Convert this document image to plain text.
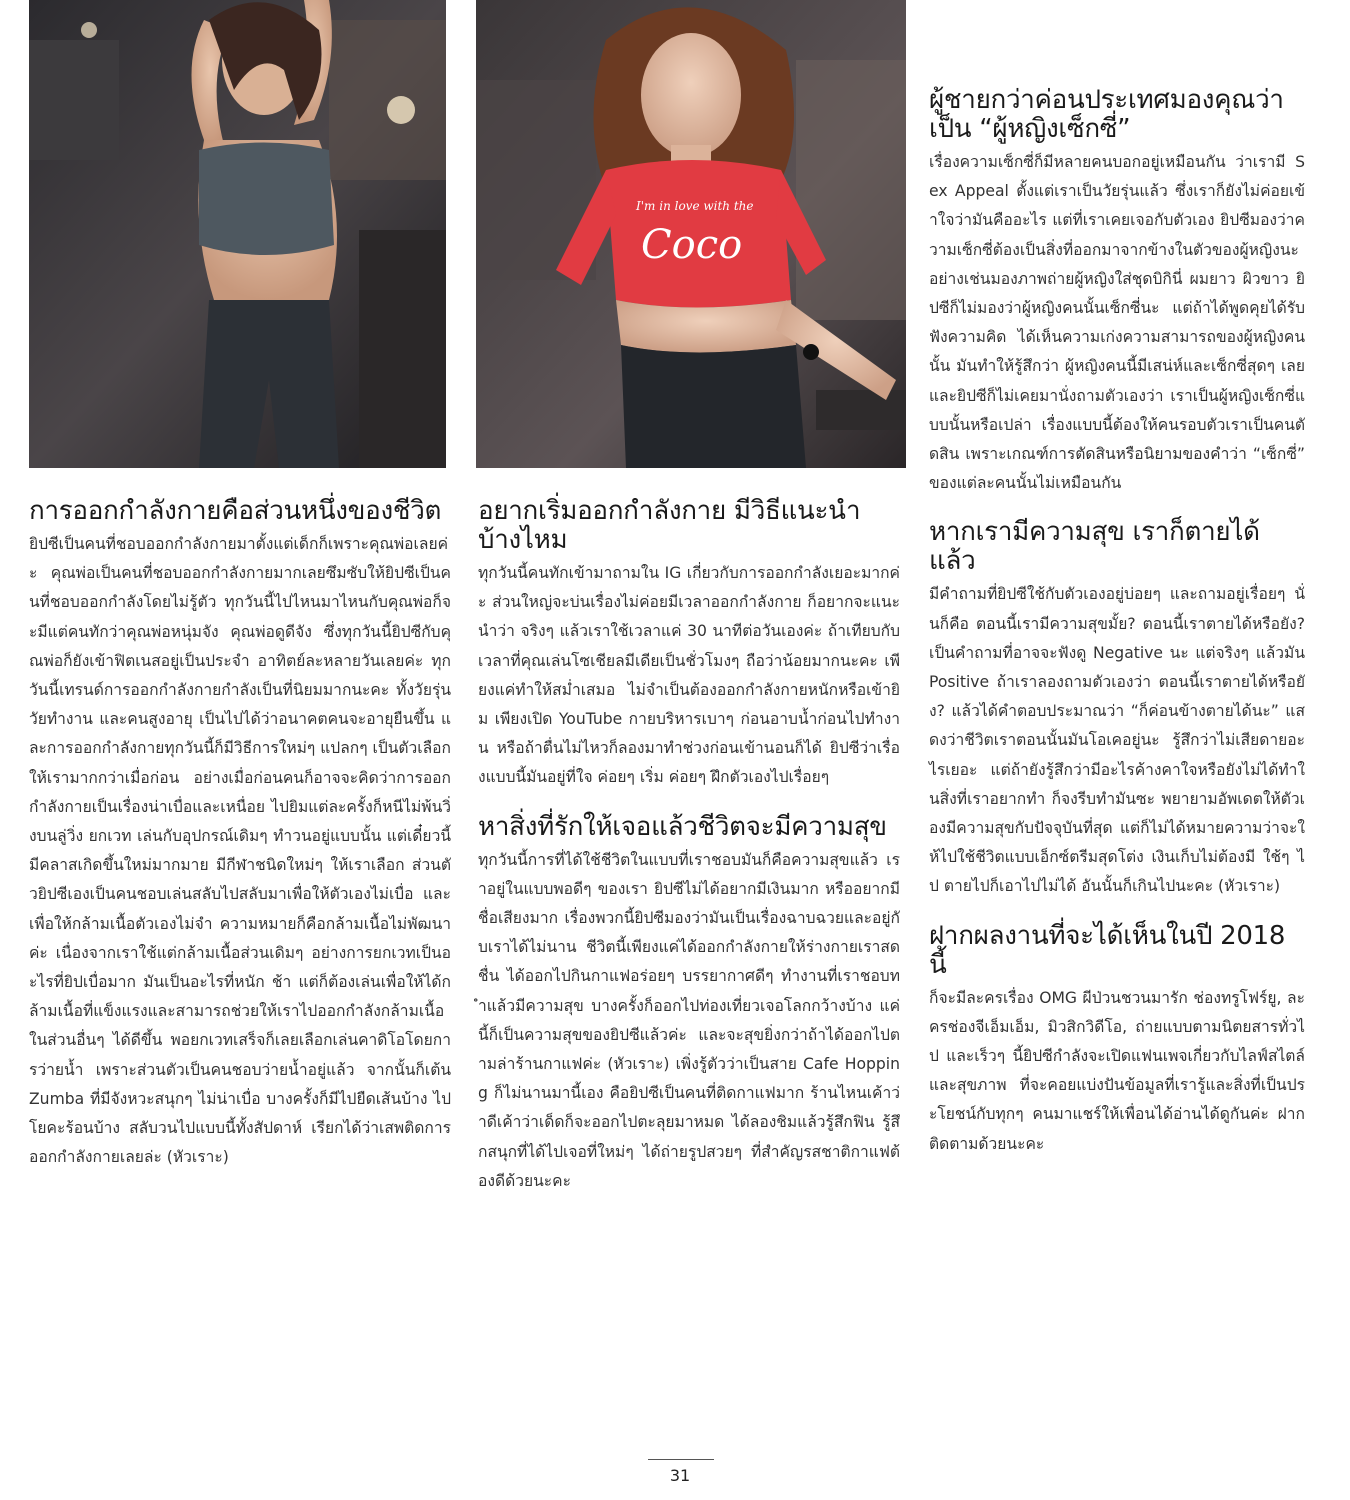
I'm in love with the
Coco
การออกกำลังกายคือส่วนหนึ่งของชีวิต

ยิปซีเป็นคนที่ชอบออกกำลังกายมาตั้งแต่เด็กก็เพราะคุณพ่อเลยค่ะ คุณพ่อเป็นคนที่ชอบออกกำลังกายมากเลยซึมซับให้ยิปซีเป็นคนที่ชอบออกกำลังโดยไม่รู้ตัว ทุกวันนี้ไปไหนมาไหนกับคุณพ่อก็จะมีแต่คนทักว่าคุณพ่อหนุ่มจัง คุณพ่อดูดีจัง ซึ่งทุกวันนี้ยิปซีกับคุณพ่อก็ยังเข้าฟิตเนสอยู่เป็นประจำ อาทิตย์ละหลายวันเลยค่ะ ทุกวันนี้เทรนด์การออกกำลังกายกำลังเป็นที่นิยมมากนะคะ ทั้งวัยรุ่น วัยทำงาน และคนสูงอายุ เป็นไปได้ว่าอนาคตคนจะอายุยืนขึ้น และการออกกำลังกายทุกวันนี้ก็มีวิธีการใหม่ๆ แปลกๆ เป็นตัวเลือกให้เรามากกว่าเมื่อก่อน อย่างเมื่อก่อนคนก็อาจจะคิดว่าการออกกำลังกายเป็นเรื่องน่าเบื่อและเหนื่อย ไปยิมแต่ละครั้งก็หนีไม่พ้นวิ่งบนลู่วิ่ง ยกเวท เล่นกับอุปกรณ์เดิมๆ ทำวนอยู่แบบนั้น แต่เดี๋ยวนี้มีคลาสเกิดขึ้นใหม่มากมาย มีกีฬาชนิดใหม่ๆ ให้เราเลือก ส่วนตัวยิปซีเองเป็นคนชอบเล่นสลับไปสลับมาเพื่อให้ตัวเองไม่เบื่อ และเพื่อให้กล้ามเนื้อตัวเองไม่จำ ความหมายก็คือกล้ามเนื้อไม่พัฒนาค่ะ เนื่องจากเราใช้แต่กล้ามเนื้อส่วนเดิมๆ อย่างการยกเวทเป็นอะไรที่ยิปเบื่อมาก มันเป็นอะไรที่หนัก ช้า แต่ก็ต้องเล่นเพื่อให้ได้กล้ามเนื้อที่แข็งแรงและสามารถช่วยให้เราไปออกกำลังกล้ามเนื้อในส่วนอื่นๆ ได้ดีขึ้น พอยกเวทเสร็จก็เลยเลือกเล่นคาดิโอโดยการว่ายน้ำ เพราะส่วนตัวเป็นคนชอบว่ายน้ำอยู่แล้ว จากนั้นก็เต้น Zumba ที่มีจังหวะสนุกๆ ไม่น่าเบื่อ บางครั้งก็มีไปยืดเส้นบ้าง ไปโยคะร้อนบ้าง สลับวนไปแบบนี้ทั้งสัปดาห์ เรียกได้ว่าเสพติดการออกกำลังกายเลยล่ะ (หัวเราะ)

อยากเริ่มออกกำลังกาย มีวิธีแนะนำบ้างไหม

ทุกวันนี้คนทักเข้ามาถามใน IG เกี่ยวกับการออกกำลังเยอะมากค่ะ ส่วนใหญ่จะบ่นเรื่องไม่ค่อยมีเวลาออกกำลังกาย ก็อยากจะแนะนำว่า จริงๆ แล้วเราใช้เวลาแค่ 30 นาทีต่อวันเองค่ะ ถ้าเทียบกับเวลาที่คุณเล่นโซเชียลมีเดียเป็นชั่วโมงๆ ถือว่าน้อยมากนะคะ เพียงแค่ทำให้สม่ำเสมอ ไม่จำเป็นต้องออกกำลังกายหนักหรือเข้ายิม เพียงเปิด YouTube กายบริหารเบาๆ ก่อนอาบน้ำก่อนไปทำงาน หรือถ้าตื่นไม่ไหวก็ลองมาทำช่วงก่อนเข้านอนก็ได้ ยิปซีว่าเรื่องแบบนี้มันอยู่ที่ใจ ค่อยๆ เริ่ม ค่อยๆ ฝึกตัวเองไปเรื่อยๆ

หาสิ่งที่รักให้เจอแล้วชีวิตจะมีความสุข

ทุกวันนี้การที่ได้ใช้ชีวิตในแบบที่เราชอบมันก็คือความสุขแล้ว เราอยู่ในแบบพอดีๆ ของเรา ยิปซีไม่ได้อยากมีเงินมาก หรืออยากมีชื่อเสียงมาก เรื่องพวกนี้ยิปซีมองว่ามันเป็นเรื่องฉาบฉวยและอยู่กับเราได้ไม่นาน ชีวิตนี้เพียงแค่ได้ออกกำลังกายให้ร่างกายเราสดชื่น ได้ออกไปกินกาแฟอร่อยๆ บรรยากาศดีๆ ทำงานที่เราชอบทำแล้วมีความสุข บางครั้งก็ออกไปท่องเที่ยวเจอโลกกว้างบ้าง แค่นี้ก็เป็นความสุขของยิปซีแล้วค่ะ และจะสุขยิ่งกว่าถ้าได้ออกไปตามล่าร้านกาแฟค่ะ (หัวเราะ) เพิ่งรู้ตัวว่าเป็นสาย Cafe Hopping ก็ไม่นานมานี้เอง คือยิปซีเป็นคนที่ติดกาแฟมาก ร้านไหนเค้าว่าดีเค้าว่าเด็ดก็จะออกไปตะลุยมาหมด ได้ลองชิมแล้วรู้สึกฟิน รู้สึกสนุกที่ได้ไปเจอที่ใหม่ๆ ได้ถ่ายรูปสวยๆ ที่สำคัญรสชาติกาแฟต้องดีด้วยนะคะ

ผู้ชายกว่าค่อนประเทศมองคุณว่าเป็น “ผู้หญิงเซ็กซี่”

เรื่องความเซ็กซี่ก็มีหลายคนบอกอยู่เหมือนกัน ว่าเรามี Sex Appeal ตั้งแต่เราเป็นวัยรุ่นแล้ว ซึ่งเราก็ยังไม่ค่อยเข้าใจว่ามันคืออะไร แต่ที่เราเคยเจอกับตัวเอง ยิปซีมองว่าความเซ็กซี่ต้องเป็นสิ่งที่ออกมาจากข้างในตัวของผู้หญิงนะ อย่างเช่นมองภาพถ่ายผู้หญิงใส่ชุดบิกินี่ ผมยาว ผิวขาว ยิปซีก็ไม่มองว่าผู้หญิงคนนั้นเซ็กซี่นะ แต่ถ้าได้พูดคุยได้รับฟังความคิด ได้เห็นความเก่งความสามารถของผู้หญิงคนนั้น มันทำให้รู้สึกว่า ผู้หญิงคนนี้มีเสน่ห์และเซ็กซี่สุดๆ เลย และยิปซีก็ไม่เคยมานั่งถามตัวเองว่า เราเป็นผู้หญิงเซ็กซี่แบบนั้นหรือเปล่า เรื่องแบบนี้ต้องให้คนรอบตัวเราเป็นคนตัดสิน เพราะเกณฑ์การตัดสินหรือนิยามของคำว่า “เซ็กซี่” ของแต่ละคนนั้นไม่เหมือนกัน

หากเรามีความสุข เราก็ตายได้แล้ว

มีคำถามที่ยิปซีใช้กับตัวเองอยู่บ่อยๆ และถามอยู่เรื่อยๆ นั่นก็คือ ตอนนี้เรามีความสุขมั้ย? ตอนนี้เราตายได้หรือยัง? เป็นคำถามที่อาจจะฟังดู Negative นะ แต่จริงๆ แล้วมัน Positive ถ้าเราลองถามตัวเองว่า ตอนนี้เราตายได้หรือยัง? แล้วได้คำตอบประมาณว่า “ก็ค่อนข้างตายได้นะ” แสดงว่าชีวิตเราตอนนั้นมันโอเคอยู่นะ รู้สึกว่าไม่เสียดายอะไรเยอะ แต่ถ้ายังรู้สึกว่ามีอะไรค้างคาใจหรือยังไม่ได้ทำในสิ่งที่เราอยากทำ ก็จงรีบทำมันซะ พยายามอัพเดตให้ตัวเองมีความสุขกับปัจจุบันที่สุด แต่ก็ไม่ได้หมายความว่าจะให้ไปใช้ชีวิตแบบเอ็กซ์ตรีมสุดโต่ง เงินเก็บไม่ต้องมี ใช้ๆ ไป ตายไปก็เอาไปไม่ได้ อันนั้นก็เกินไปนะคะ (หัวเราะ)

ฝากผลงานที่จะได้เห็นในปี 2018 นี้

ก็จะมีละครเรื่อง OMG ผีป่วนชวนมารัก ช่องทรูโฟร์ยู, ละครช่องจีเอ็มเอ็ม, มิวสิกวิดีโอ, ถ่ายแบบตามนิตยสารทั่วไป และเร็วๆ นี้ยิปซีกำลังจะเปิดแฟนเพจเกี่ยวกับไลฟ์สไตล์และสุขภาพ ที่จะคอยแบ่งปันข้อมูลที่เรารู้และสิ่งที่เป็นประโยชน์กับทุกๆ คนมาแชร์ให้เพื่อนได้อ่านได้ดูกันค่ะ ฝากติดตามด้วยนะคะ

31
